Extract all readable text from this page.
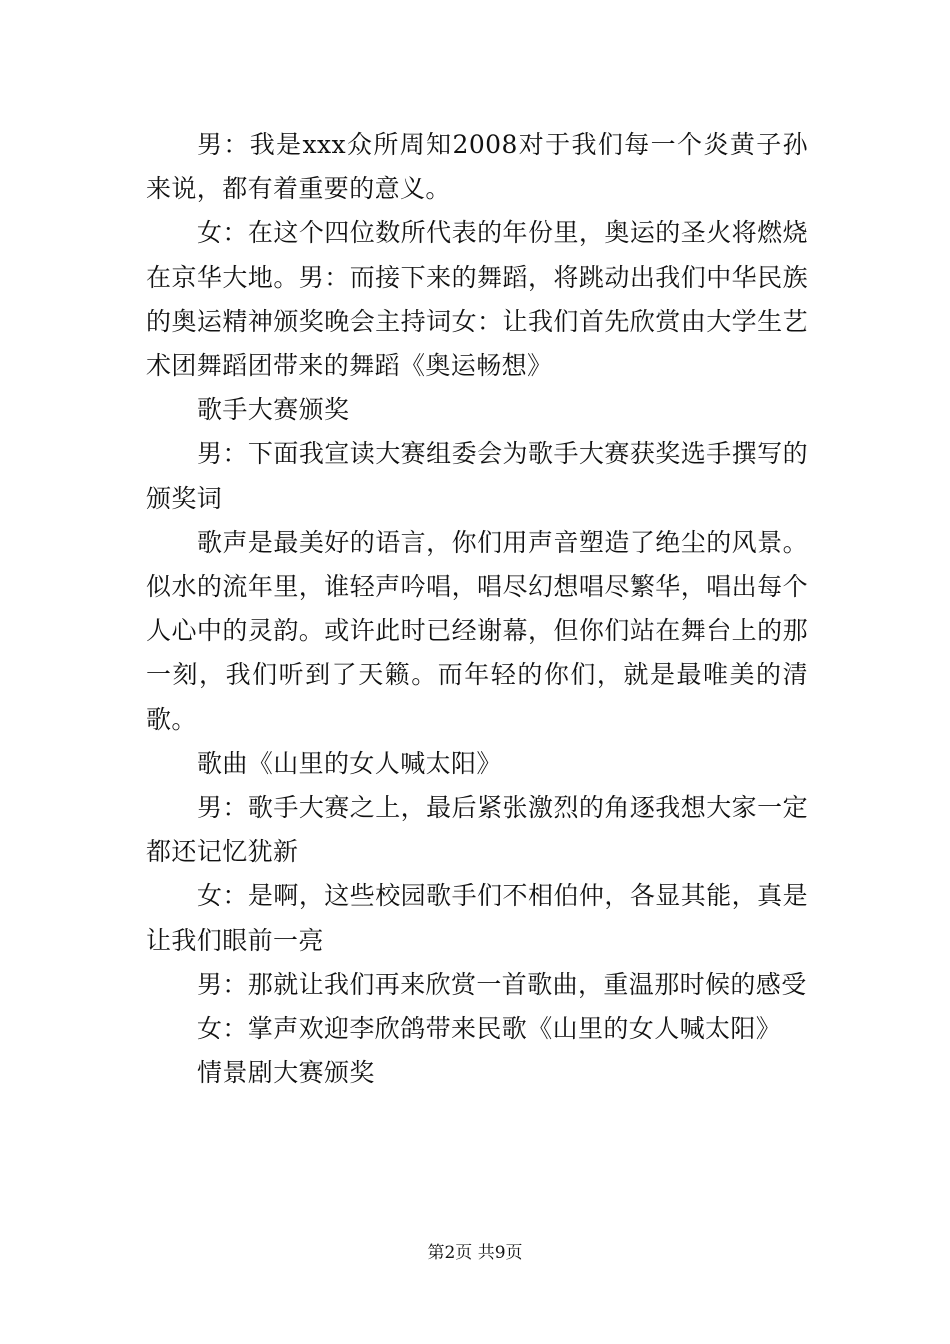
男：我是xxx众所周知2008对于我们每一个炎黄子孙来说，都有着重要的意义。

女：在这个四位数所代表的年份里，奥运的圣火将燃烧在京华大地。男：而接下来的舞蹈，将跳动出我们中华民族的奥运精神颁奖晚会主持词女：让我们首先欣赏由大学生艺术团舞蹈团带来的舞蹈《奥运畅想》

歌手大赛颁奖

男：下面我宣读大赛组委会为歌手大赛获奖选手撰写的颁奖词

歌声是最美好的语言，你们用声音塑造了绝尘的风景。似水的流年里，谁轻声吟唱，唱尽幻想唱尽繁华，唱出每个人心中的灵韵。或许此时已经谢幕，但你们站在舞台上的那一刻，我们听到了天籁。而年轻的你们，就是最唯美的清歌。

歌曲《山里的女人喊太阳》

男：歌手大赛之上，最后紧张激烈的角逐我想大家一定都还记忆犹新

女：是啊，这些校园歌手们不相伯仲，各显其能，真是让我们眼前一亮

男：那就让我们再来欣赏一首歌曲，重温那时候的感受

女：掌声欢迎李欣鸽带来民歌《山里的女人喊太阳》

情景剧大赛颁奖

第2页 共9页
